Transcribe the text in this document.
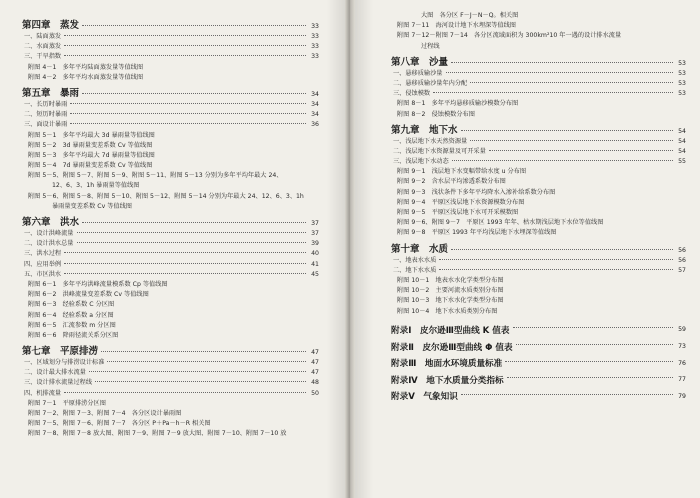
第四章　蒸发	33
一、陆面蒸发	33
二、水面蒸发	33
三、干旱指数	33
附图 4－1　多年平均陆面蒸发量等值线图
附图 4－2　多年平均水面蒸发量等值线图
第五章　暴雨	34
一、长历时暴雨	34
二、短历时暴雨	34
三、面设计暴雨	36
附图 5－1　多年平均最大 3d 暴雨量等值线图
附图 5－2　3d 暴雨量变差系数 Cv 等值线图
附图 5－3　多年平均最大 7d 暴雨量等值线图
附图 5－4　7d 暴雨量变差系数 Cv 等值线图
附图 5－5、附图 5－7、附图 5－9、附图 5－11、附图 5－13 分别为多年平均年最大 24、
12、6、3、1h 暴雨量等值线图
附图 5－6、附图 5－8、附图 5－10、附图 5－12、附图 5－14 分别为年最大 24、12、6、3、1h
暴雨量变差系数 Cv 等值线图
第六章　洪水	37
一、设计洪峰流量	37
二、设计洪水总量	39
三、洪水过程	40
四、应用举例	41
五、市区洪水	45
附图 6－1　多年平均洪峰流量模系数 Cp 等值线图
附图 6－2　洪峰流量变差系数 Cv 等值线图
附图 6－3　经验系数 C 分区图
附图 6－4　经验系数 a 分区图
附图 6－5　汇流参数 m 分区图
附图 6－6　降雨径流关系分区图
第七章　平原排涝	47
一、区域划分与排涝设计标准	47
二、设计最大排水流量	47
三、设计排水流量过程线	48
四、机排流量	50
附图 7－1　平原排涝分区图
附图 7－2、附图 7－3、附图 7－4　各分区设计暴雨图
附图 7－5、附图 7－6、附图 7－7　各分区 P＋Pa－h－R 相关图
附图 7－8、附图 7－8 放大图、附图 7－9、附图 7－9 放大图、附图 7－10、附图 7－10 放
大图　各分区 F－J－N－Q。相关图
附图 7－11　海河设计地下水埋深等值线图
附图 7－12－附图 7－14　各分区流域面积为 300km²10 年一遇的设计排水流量
过程线
第八章　沙量	53
一、悬移质输沙量	53
二、悬移质输沙量年内分配	53
三、侵蚀模数	53
附图 8－1　多年平均悬移质输沙模数分布图
附图 8－2　侵蚀模数分布图
第九章　地下水	54
一、浅层地下水天然资源量	54
二、浅层地下水资源量及可开采量	54
三、浅层地下水动态	55
附图 9－1　浅层地下水变幅带给水度 u 分布图
附图 9－2　含水层平均渗透系数分布图
附图 9－3　浅状条件下多年平均降水入渗补给系数分布图
附图 9－4　平原区浅层地下水资源模数分布图
附图 9－5　平原区浅层地下水可开采模数图
附图 9－6、附图 9－7　平原区 1993 年年、枯水期浅层地下水位等值线图
附图 9－8　平原区 1993 年平均浅层地下水埋深等值线图
第十章　水质	56
一、地表水水质	56
二、地下水水质	57
附图 10－1　地表水水化学类型分布图
附图 10－2　主要河流水质类别分布图
附图 10－3　地下水水化学类型分布图
附图 10－4　地下水水质类别分布图
附录Ⅰ　皮尔逊Ⅲ型曲线 K 值表	59
附录Ⅱ　皮尔逊Ⅲ型曲线 Φ 值表	73
附录Ⅲ　地面水环境质量标准	76
附录Ⅳ　地下水质量分类指标	77
附录Ⅴ　气象知识	79
